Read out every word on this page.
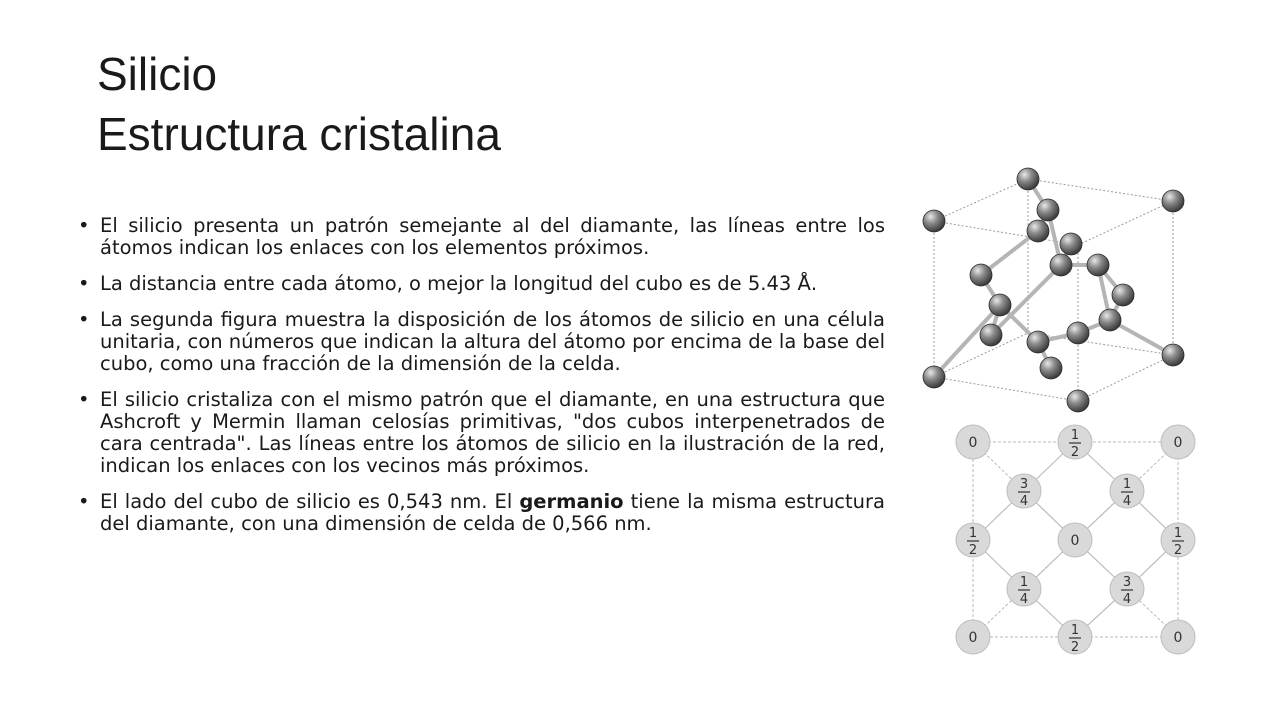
Silicio
Estructura cristalina
• El silicio presenta un patrón semejante al del diamante, las líneas entre los átomos indican los enlaces con los elementos próximos.
• La distancia entre cada átomo, o mejor la longitud del cubo es de 5.43 Å.
• La segunda figura muestra la disposición de los átomos de silicio en una célula unitaria, con números que indican la altura del átomo por encima de la base del cubo, como una fracción de la dimensión de la celda.
• El silicio cristaliza con el mismo patrón que el diamante, en una estructura que Ashcroft y Mermin llaman celosías primitivas, "dos cubos interpenetrados de cara centrada". Las líneas entre los átomos de silicio en la ilustración de la red, indican los enlaces con los vecinos más próximos.
• El lado del cubo de silicio es 0,543 nm. El germanio tiene la misma estructura del diamante, con una dimensión de celda de 0,566 nm.
0	1
2
0
3
4
1
4
1
2
0	1
2
1
4
3
4
0	1
2
0
